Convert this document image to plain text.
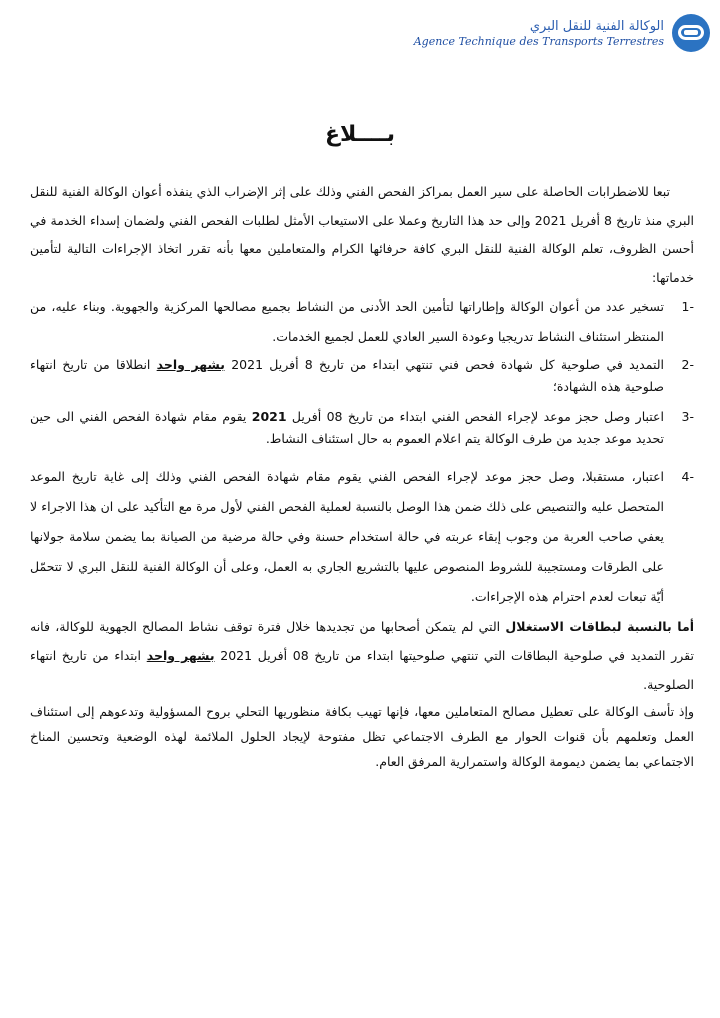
الوكالة الفنية للنقل البري
Agence Technique des Transports Terrestres
بــــلاغ

تبعا للاضطرابات الحاصلة على سير العمل بمراكز الفحص الفني وذلك على إثر الإضراب الذي ينفذه أعوان الوكالة الفنية للنقل البري منذ تاريخ 8 أفريل 2021 وإلى حد هذا التاريخ وعملا على الاستيعاب الأمثل لطلبات الفحص الفني ولضمان إسداء الخدمة في أحسن الظروف، تعلم الوكالة الفنية للنقل البري كافة حرفائها الكرام والمتعاملين معها بأنه تقرر اتخاذ الإجراءات التالية لتأمين خدماتها:

-1
تسخير عدد من أعوان الوكالة وإطاراتها لتأمين الحد الأدنى من النشاط بجميع مصالحها المركزية والجهوية. وبناء عليه، من المنتظر استئناف النشاط تدريجيا وعودة السير العادي للعمل لجميع الخدمات.
-2
التمديد في صلوحية كل شهادة فحص فني تنتهي ابتداء من تاريخ 8 أفريل 2021 بشهر واحد انطلاقا من تاريخ انتهاء صلوحية هذه الشهادة؛
-3
اعتبار وصل حجز موعد لإجراء الفحص الفني ابتداء من تاريخ 08 أفريل 2021 يقوم مقام شهادة الفحص الفني الى حين تحديد موعد جديد من طرف الوكالة يتم اعلام العموم به حال استئناف النشاط.
-4
اعتبار، مستقبلا، وصل حجز موعد لإجراء الفحص الفني يقوم مقام شهادة الفحص الفني وذلك إلى غاية تاريخ الموعد المتحصل عليه والتنصيص على ذلك ضمن هذا الوصل بالنسبة لعملية الفحص الفني لأول مرة مع التأكيد على ان هذا الاجراء لا يعفي صاحب العربة من وجوب إبقاء عربته في حالة استخدام حسنة وفي حالة مرضية من الصيانة بما يضمن سلامة جولانها على الطرقات ومستجيبة للشروط المنصوص عليها بالتشريع الجاري به العمل، وعلى أن الوكالة الفنية للنقل البري لا تتحمّل أيّة تبعات لعدم احترام هذه الإجراءات.

أما بالنسبة لبطاقات الاستغلال التي لم يتمكن أصحابها من تجديدها خلال فترة توقف نشاط المصالح الجهوية للوكالة، فانه تقرر التمديد في صلوحية البطاقات التي تنتهي صلوحيتها ابتداء من تاريخ 08 أفريل 2021 بشهر واحد ابتداء من تاريخ انتهاء الصلوحية.

وإذ تأسف الوكالة على تعطيل مصالح المتعاملين معها، فإنها تهيب بكافة منظوريها التحلي بروح المسؤولية وتدعوهم إلى استئناف العمل وتعلمهم بأن قنوات الحوار مع الطرف الاجتماعي تظل مفتوحة لإيجاد الحلول الملائمة لهذه الوضعية وتحسين المناخ الاجتماعي بما يضمن ديمومة الوكالة واستمرارية المرفق العام.
